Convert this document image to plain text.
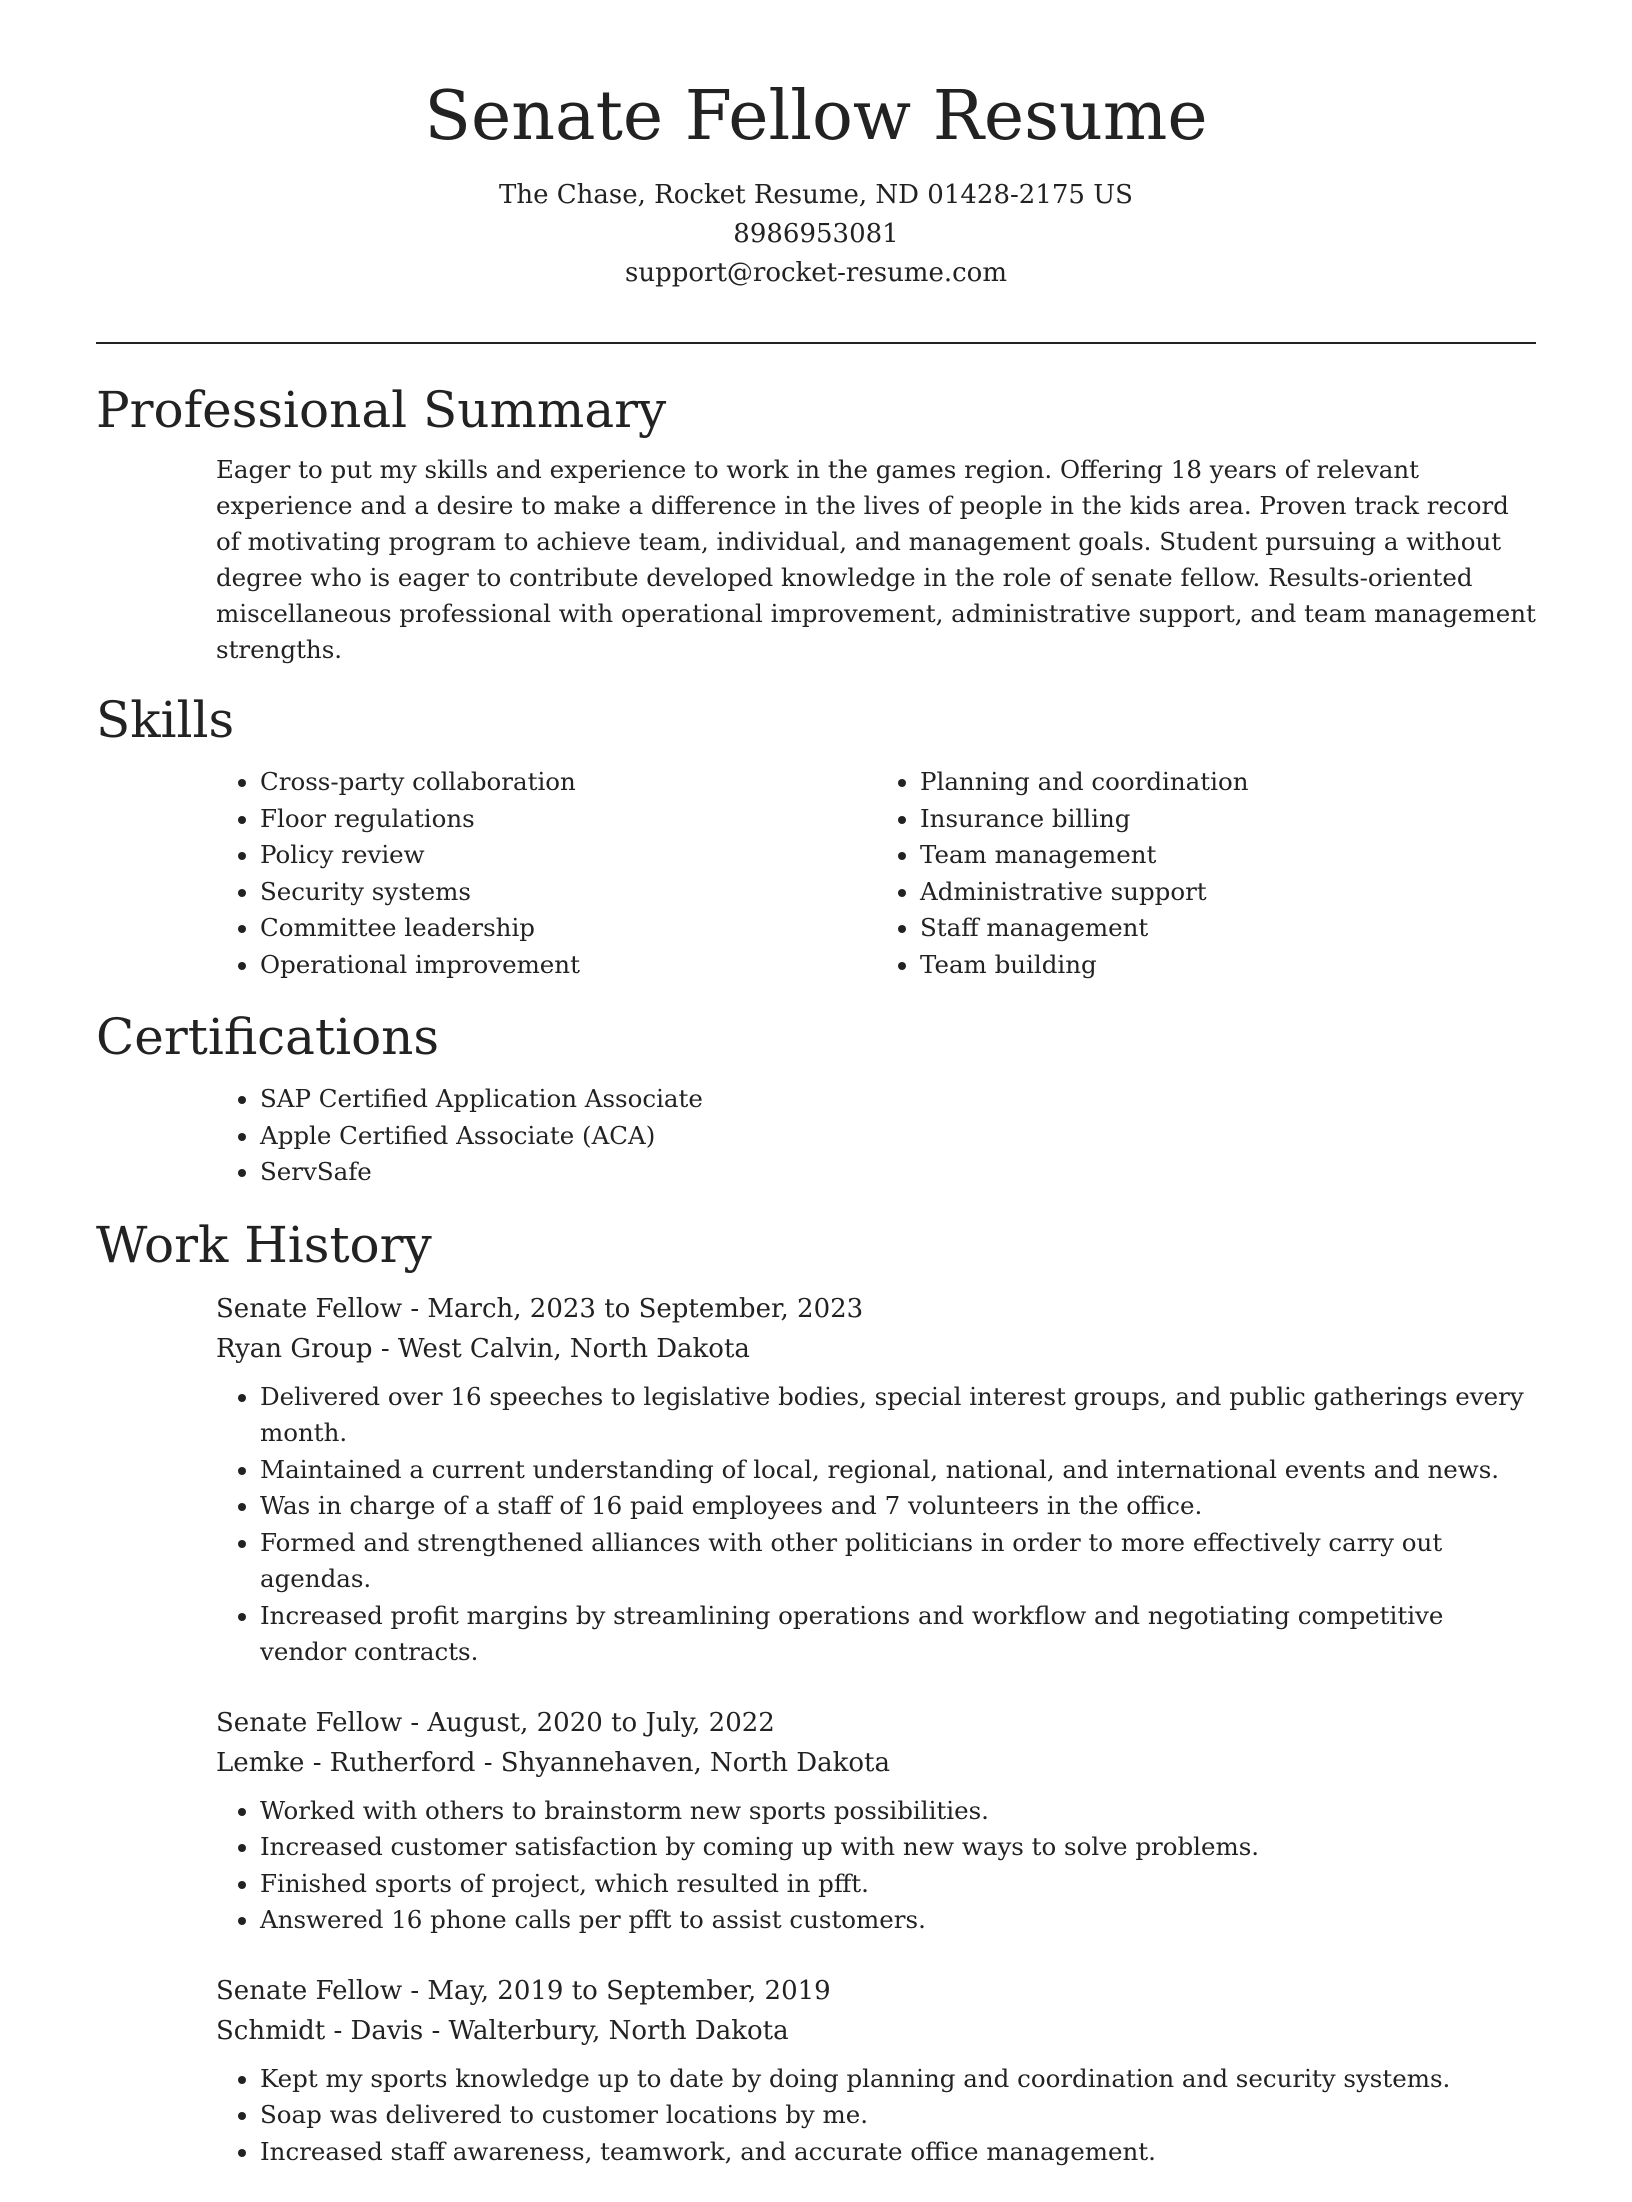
Senate Fellow Resume
The Chase, Rocket Resume, ND 01428-2175 US
8986953081
support@rocket-resume.com
Professional Summary

Eager to put my skills and experience to work in the games region. Offering 18 years of relevant experience and a desire to make a difference in the lives of people in the kids area. Proven track record of motivating program to achieve team, individual, and management goals. Student pursuing a without degree who is eager to contribute developed knowledge in the role of senate fellow. Results-oriented miscellaneous professional with operational improvement, administrative support, and team management strengths.

Skills
• Cross-party collaboration
• Floor regulations
• Policy review
• Security systems
• Committee leadership
• Operational improvement
• Planning and coordination
• Insurance billing
• Team management
• Administrative support
• Staff management
• Team building
Certifications
• SAP Certified Application Associate
• Apple Certified Associate (ACA)
• ServSafe
Work History
Senate Fellow - March, 2023 to September, 2023
Ryan Group - West Calvin, North Dakota
• Delivered over 16 speeches to legislative bodies, special interest groups, and public gatherings every month.
• Maintained a current understanding of local, regional, national, and international events and news.
• Was in charge of a staff of 16 paid employees and 7 volunteers in the office.
• Formed and strengthened alliances with other politicians in order to more effectively carry out agendas.
• Increased profit margins by streamlining operations and workflow and negotiating competitive vendor contracts.
Senate Fellow - August, 2020 to July, 2022
Lemke - Rutherford - Shyannehaven, North Dakota
• Worked with others to brainstorm new sports possibilities.
• Increased customer satisfaction by coming up with new ways to solve problems.
• Finished sports of project, which resulted in pfft.
• Answered 16 phone calls per pfft to assist customers.
Senate Fellow - May, 2019 to September, 2019
Schmidt - Davis - Walterbury, North Dakota
• Kept my sports knowledge up to date by doing planning and coordination and security systems.
• Soap was delivered to customer locations by me.
• Increased staff awareness, teamwork, and accurate office management.
